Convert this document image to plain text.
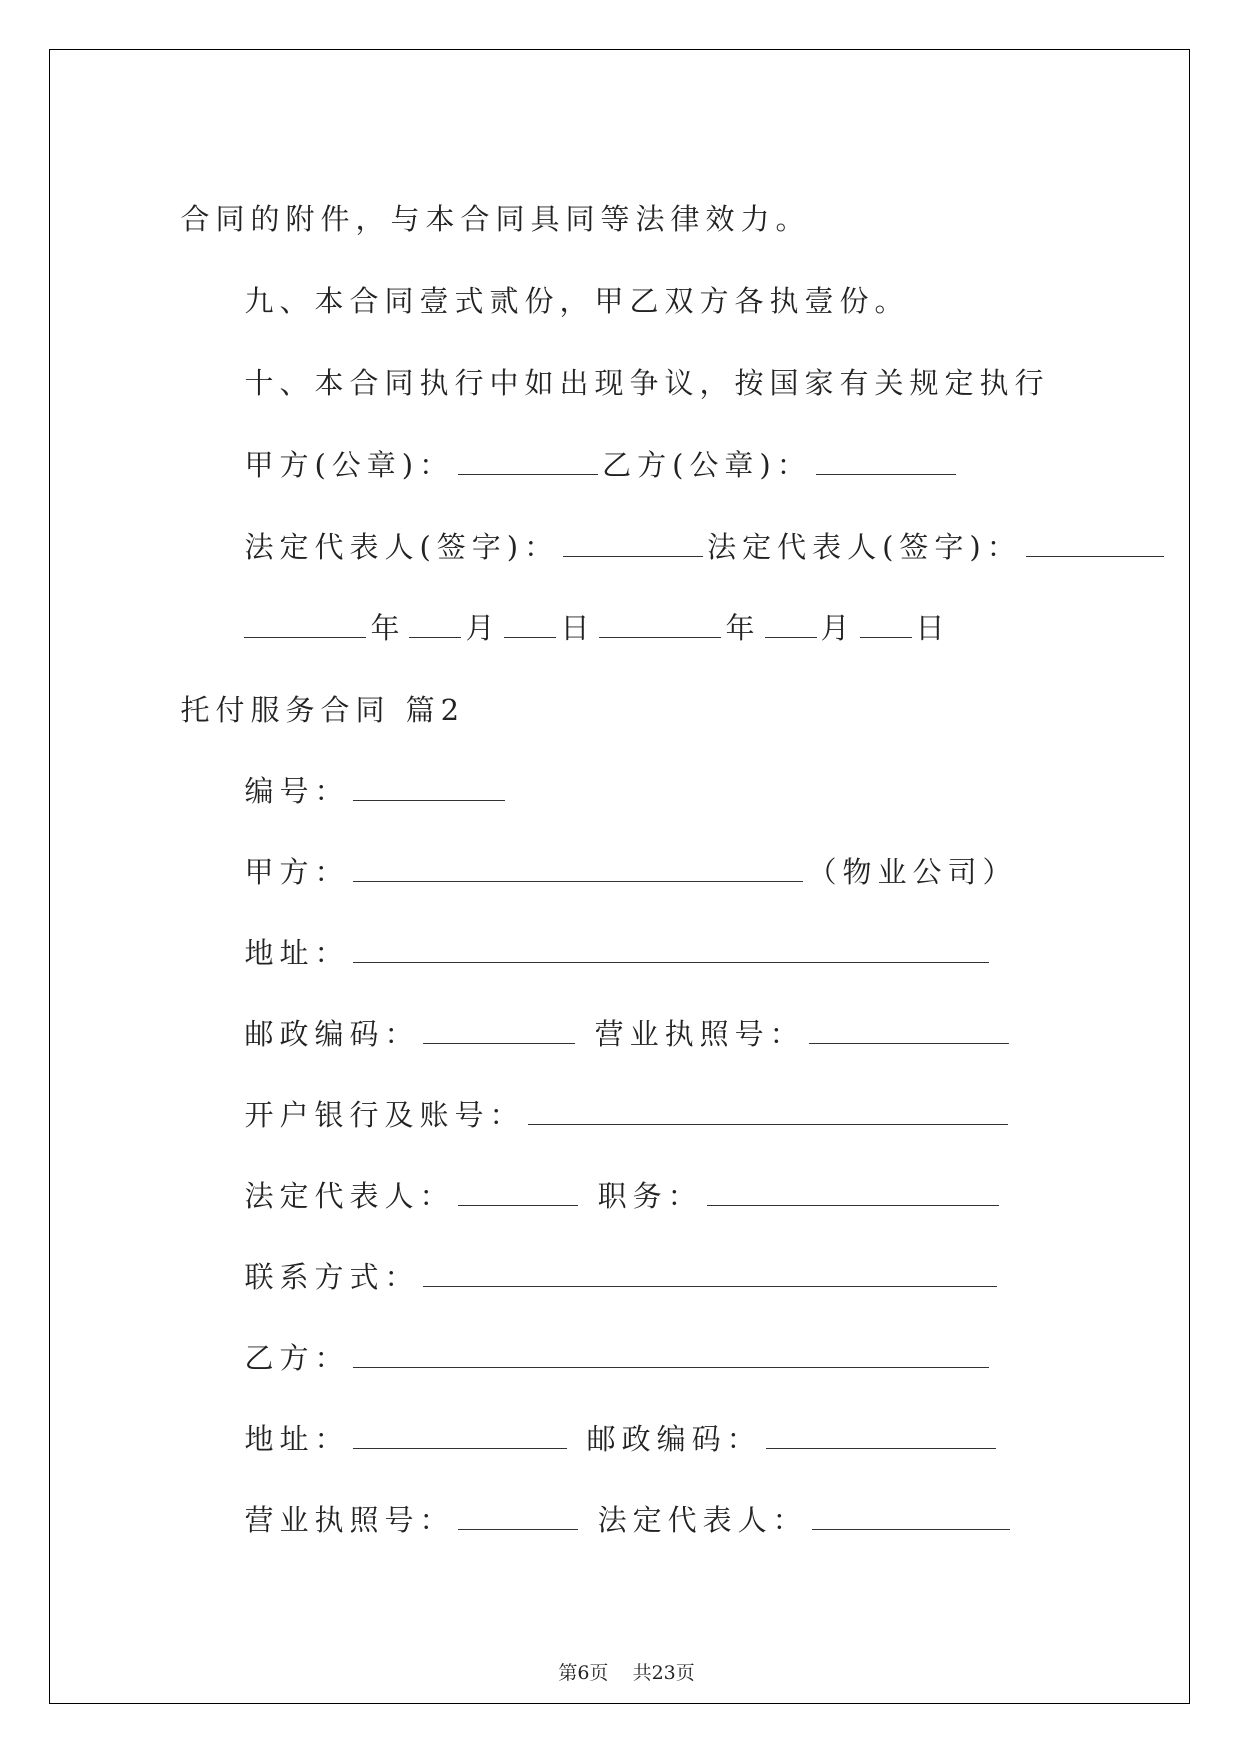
合同的附件，与本合同具同等法律效力。

九、本合同壹式贰份，甲乙双方各执壹份。

十、本合同执行中如出现争议，按国家有关规定执行

甲方(公章)：	乙方(公章)：

法定代表人(签字)：	法定代表人(签字)：

年 月 日	年 月 日

托付服务合同 篇2

编号：

甲方：	（物业公司）

地址：

邮政编码：	营业执照号：

开户银行及账号：

法定代表人：	职务：

联系方式：

乙方：

地址：	邮政编码：

营业执照号：	法定代表人：

第6页 共23页
